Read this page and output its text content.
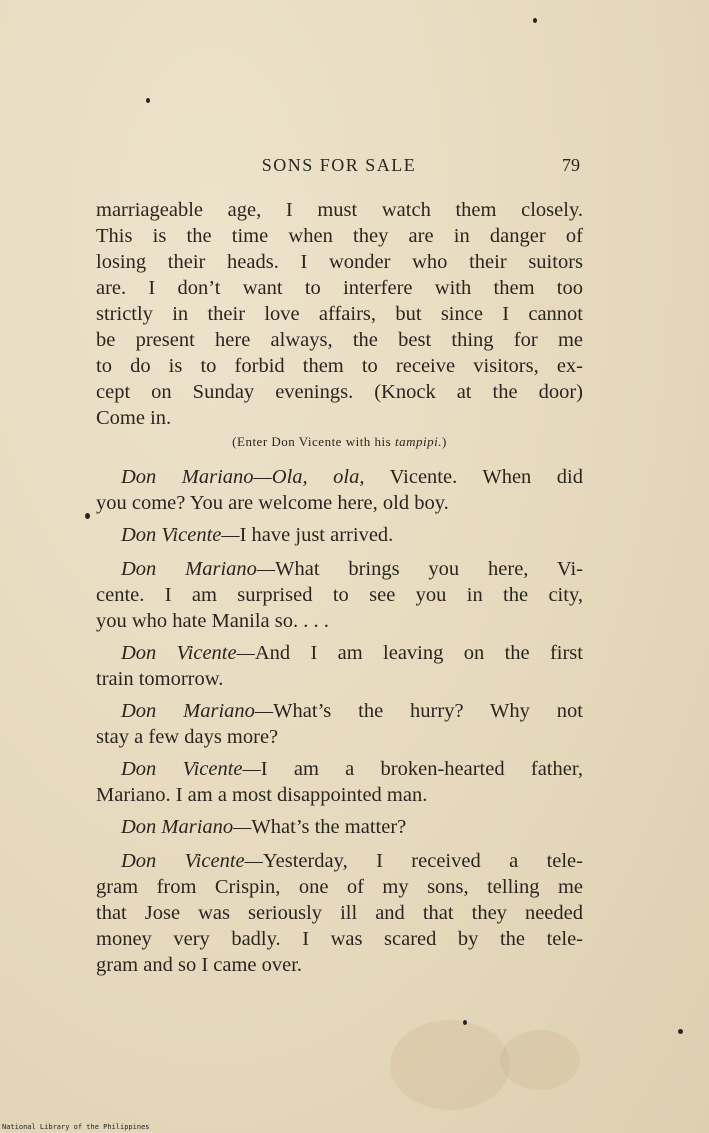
SONS FOR SALE	79
marriageable age, I must watch them closely.
This is the time when they are in danger of
losing their heads. I wonder who their suitors
are. I don’t want to interfere with them too
strictly in their love affairs, but since I cannot
be present here always, the best thing for me
to do is to forbid them to receive visitors, ex-
cept on Sunday evenings. (Knock at the door)
Come in.
(Enter Don Vicente with his tampipi.)
Don Mariano—Ola, ola, Vicente. When did
you come? You are welcome here, old boy.
Don Vicente—I have just arrived.
Don Mariano—What brings you here, Vi-
cente. I am surprised to see you in the city,
you who hate Manila so. . . .
Don Vicente—And I am leaving on the first
train tomorrow.
Don Mariano—What’s the hurry? Why not
stay a few days more?
Don Vicente—I am a broken-hearted father,
Mariano. I am a most disappointed man.
Don Mariano—What’s the matter?
Don Vicente—Yesterday, I received a tele-
gram from Crispin, one of my sons, telling me
that Jose was seriously ill and that they needed
money very badly. I was scared by the tele-
gram and so I came over.
National Library of the Philippines
